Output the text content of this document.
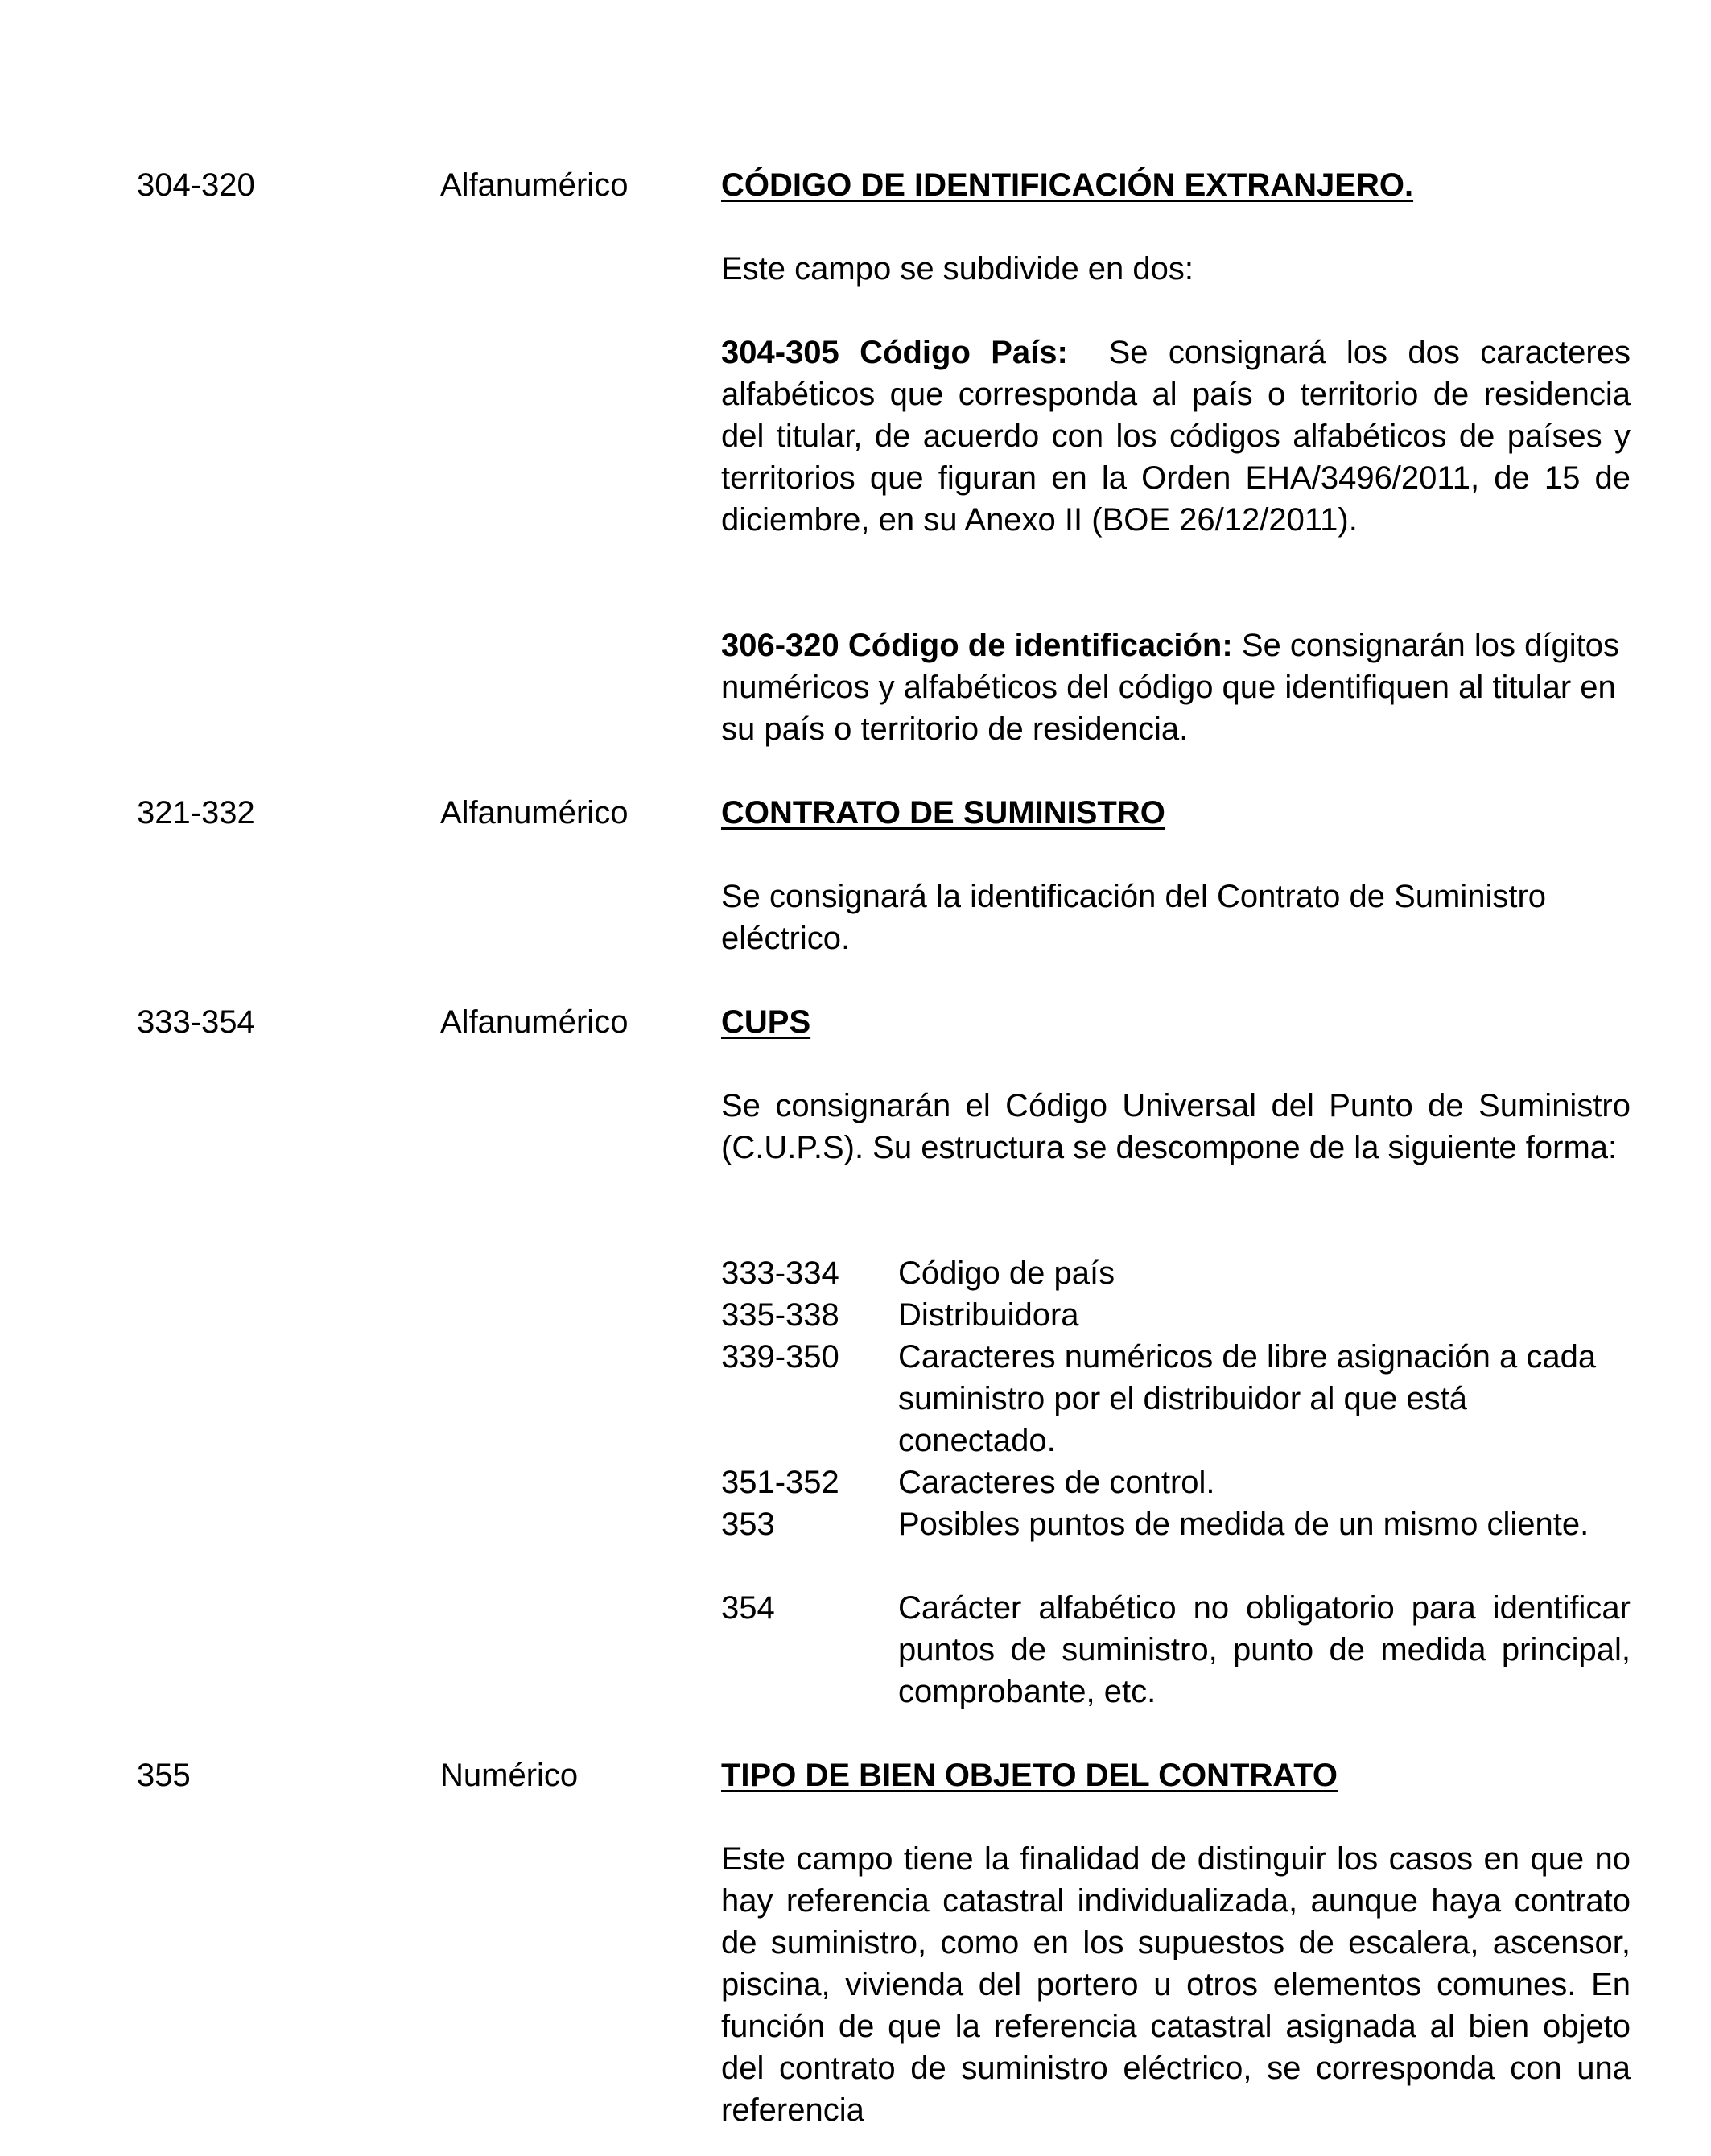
304-320	Alfanumérico	CÓDIGO DE IDENTIFICACIÓN EXTRANJERO.

Este campo se subdivide en dos:

304-305 Código País: Se consignará los dos caracteres alfabéticos que corresponda al país o territorio de residencia del titular, de acuerdo con los códigos alfabéticos de países y territorios que figuran en la Orden EHA/3496/2011, de 15 de diciembre, en su Anexo II (BOE 26/12/2011).

306-320 Código de identificación: Se consignarán los dígitos numéricos y alfabéticos del código que identifiquen al titular en su país o territorio de residencia.

321-332	Alfanumérico	CONTRATO DE SUMINISTRO

Se consignará la identificación del Contrato de Suministro eléctrico.

333-354	Alfanumérico	CUPS

Se consignarán el Código Universal del Punto de Suministro (C.U.P.S). Su estructura se descompone de la siguiente forma:

333-334	Código de país
335-338	Distribuidora
339-350	Caracteres numéricos de libre asignación a cada suministro por el distribuidor al que está conectado.
351-352	Caracteres de control.
353	Posibles puntos de medida de un mismo cliente.
354	Carácter alfabético no obligatorio para identificar puntos de suministro, punto de medida principal, comprobante, etc.
355	Numérico	TIPO DE BIEN OBJETO DEL CONTRATO

Este campo tiene la finalidad de distinguir los casos en que no hay referencia catastral individualizada, aunque haya contrato de suministro, como en los supuestos de escalera, ascensor, piscina, vivienda del portero u otros elementos comunes. En función de que la referencia catastral asignada al bien objeto del contrato de suministro eléctrico, se corresponda con una referencia
